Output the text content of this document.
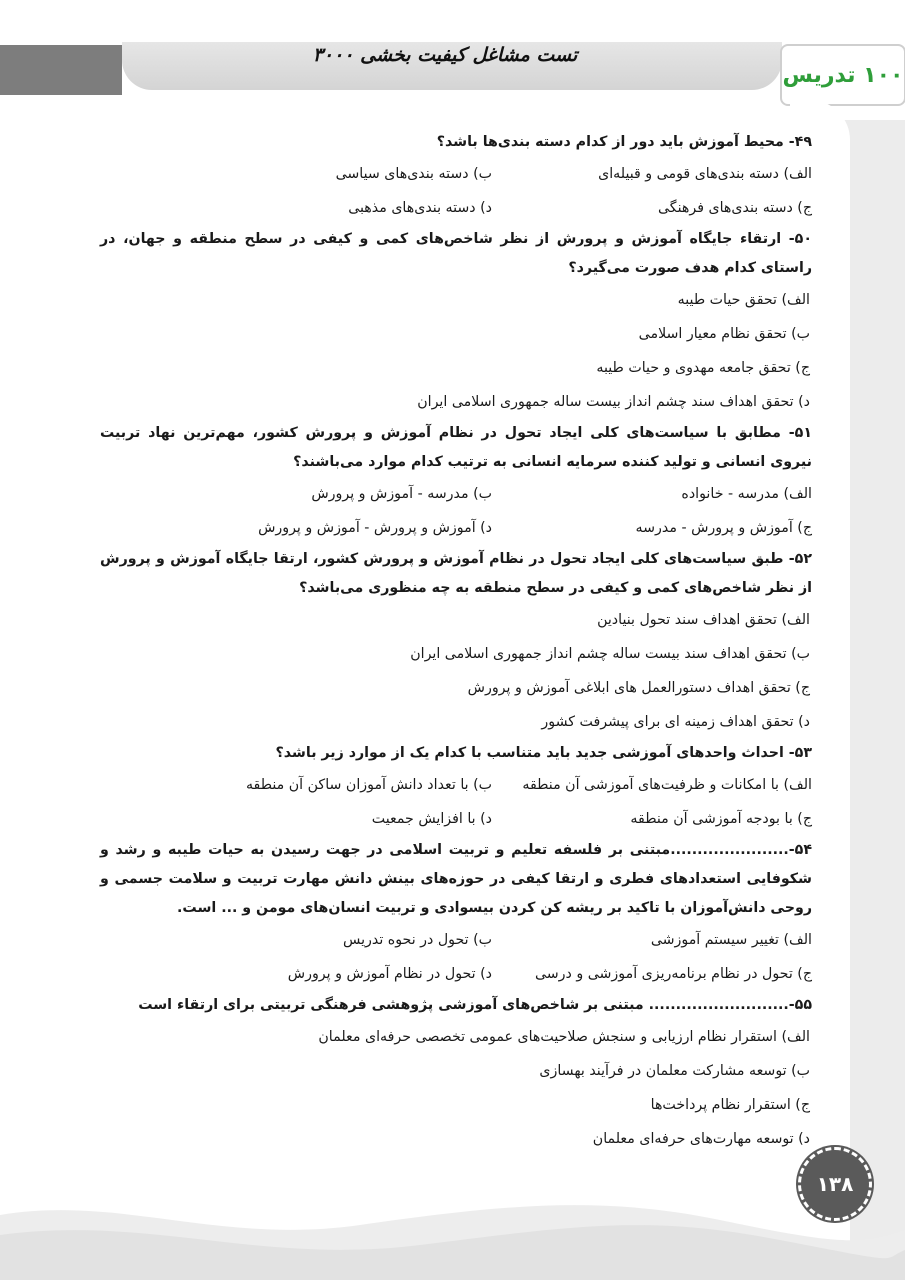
۳۰۰۰ تست مشاغل کیفیت بخشی
۱۰۰ تدریس
۱۳۸

۴۹- محیط آموزش باید دور از کدام دسته بندی‌ها باشد؟

الف) دسته بندی‌های قومی و قبیله‌ای
ب) دسته بندی‌های سیاسی
ج) دسته بندی‌های فرهنگی
د) دسته بندی‌های مذهبی

۵۰- ارتقاء جایگاه آموزش و پرورش از نظر شاخص‌های کمی و کیفی در سطح منطقه و جهان، در راستای کدام هدف صورت می‌گیرد؟

الف) تحقق حیات طیبه
ب) تحقق نظام معیار اسلامی
ج) تحقق جامعه مهدوی و حیات طیبه
د) تحقق اهداف سند چشم انداز بیست ساله جمهوری اسلامی ایران

۵۱- مطابق با سیاست‌های کلی ایجاد تحول در نظام آموزش و پرورش کشور، مهم‌ترین نهاد تربیت نیروی انسانی و تولید کننده سرمایه انسانی به ترتیب کدام موارد می‌باشند؟

الف) مدرسه - خانواده
ب) مدرسه - آموزش و پرورش
ج) آموزش و پرورش - مدرسه
د) آموزش و پرورش - آموزش و پرورش

۵۲- طبق سیاست‌های کلی ایجاد تحول در نظام آموزش و پرورش کشور، ارتقا جایگاه آموزش و پرورش از نظر شاخص‌های کمی و کیفی در سطح منطقه به چه منظوری می‌باشد؟

الف) تحقق اهداف سند تحول بنیادین
ب) تحقق اهداف سند بیست ساله چشم انداز جمهوری اسلامی ایران
ج) تحقق اهداف دستورالعمل های ابلاغی آموزش و پرورش
د) تحقق اهداف زمینه ای برای پیشرفت کشور

۵۳- احداث واحدهای آموزشی جدید باید متناسب با کدام یک از موارد زیر باشد؟

الف) با امکانات و ظرفیت‌های آموزشی آن منطقه
ب) با تعداد دانش آموزان ساکن آن منطقه
ج) با بودجه آموزشی آن منطقه
د) با افزایش جمعیت

۵۴-......................مبتنی بر فلسفه تعلیم و تربیت اسلامی در جهت رسیدن به حیات طیبه و رشد و شکوفایی استعدادهای فطری و ارتقا کیفی در حوزه‌های بینش دانش مهارت تربیت و سلامت جسمی و روحی دانش‌آموزان با تاکید بر ریشه کن کردن بیسوادی و تربیت انسان‌های مومن و ... است.

الف) تغییر سیستم آموزشی
ب) تحول در نحوه تدریس
ج) تحول در نظام برنامه‌ریزی آموزشی و درسی
د) تحول در نظام آموزش و پرورش

۵۵-.......................... مبتنی بر شاخص‌های آموزشی پژوهشی فرهنگی تربیتی برای ارتقاء است

الف) استقرار نظام ارزیابی و سنجش صلاحیت‌های عمومی تخصصی حرفه‌ای معلمان
ب) توسعه مشارکت معلمان در فرآیند بهسازی
ج) استقرار نظام پرداخت‌ها
د) توسعه مهارت‌های حرفه‌ای معلمان
